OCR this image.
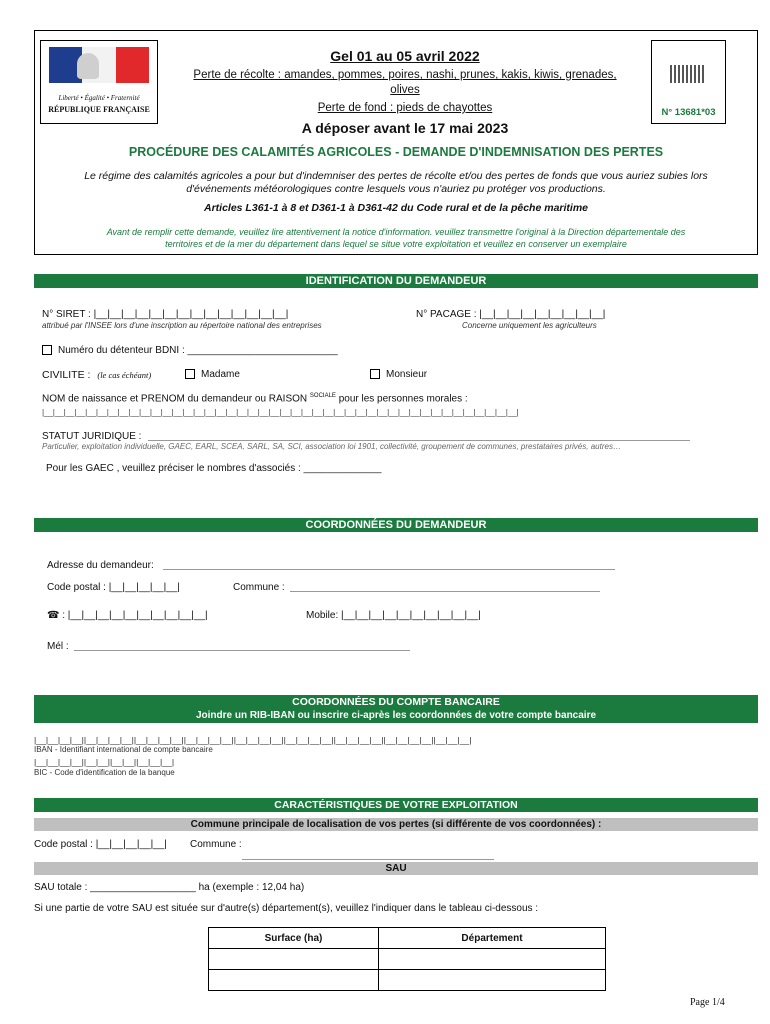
Liberté • Égalité • Fraternité
RÉPUBLIQUE FRANÇAISE
Gel 01 au 05 avril 2022
Perte de récolte : amandes, pommes, poires, nashi, prunes, kakis, kiwis, grenades,
olives
Perte de fond : pieds de chayottes
A déposer avant le 17 mai 2023
N° 13681*03
PROCÉDURE DES CALAMITÉS AGRICOLES - DEMANDE D'INDEMNISATION DES PERTES
Le régime des calamités agricoles a pour but d'indemniser des pertes de récolte et/ou des pertes de fonds que vous auriez subies lors
d'événements météorologiques contre lesquels vous n'auriez pu protéger vos productions.
Articles L361-1 à 8 et D361-1 à D361-42 du Code rural et de la pêche maritime
Avant de remplir cette demande, veuillez lire attentivement la notice d'information. veuillez transmettre l'original à la Direction départementale des
territoires et de la mer du département dans lequel se situe votre exploitation et veuillez en conserver un exemplaire
IDENTIFICATION DU DEMANDEUR
N° SIRET : |__|__|__|__|__|__|__|__|__|__|__|__|__|__|
attribué par l'INSEE lors d'une inscription au répertoire national des entreprises
N° PACAGE : |__|__|__|__|__|__|__|__|__|
Concerne uniquement les agriculteurs
Numéro du détenteur BDNI : ___________________________
CIVILITE : (le cas échéant)	Madame	Monsieur
NOM de naissance et PRENOM du demandeur ou RAISON $^{SOCIALE}$ pour les personnes morales :
|__|__|__|__|__|__|__|__|__|__|__|__|__|__|__|__|__|__|__|__|__|__|__|__|__|__|__|__|__|__|__|__|__|__|__|__|__|__|__|__|__|__|__|__|
STATUT JURIDIQUE :
Particulier, exploitation individuelle, GAEC, EARL, SCEA, SARL, SA, SCI, association loi 1901, collectivité, groupement de communes, prestataires privés, autres…
Pour les GAEC , veuillez préciser le nombres d'associés : ______________
COORDONNÉES DU DEMANDEUR
Adresse du demandeur:
Code postal : |__|__|__|__|__|	Commune :
☎ : |__|__|__|__|__|__|__|__|__|__|	Mobile: |__|__|__|__|__|__|__|__|__|__|
Mél :
COORDONNÉES DU COMPTE BANCAIRE
Joindre un RIB-IBAN ou inscrire ci-après les coordonnées de votre compte bancaire
|__|__|__|__||__|__|__|__||__|__|__|__||__|__|__|__||__|__|__|__||__|__|__|__||__|__|__|__||__|__|__|__||__|__|__|
IBAN - Identifiant international de compte bancaire
|__|__|__|__||__|__||__|__||__|__|__|
BIC - Code d'identification de la banque
CARACTÉRISTIQUES DE VOTRE EXPLOITATION
Commune principale de localisation de vos pertes (si différente de vos coordonnées) :
Code postal : |__|__|__|__|__| Commune :
SAU
SAU totale : ___________________ ha (exemple : 12,04 ha)
Si une partie de votre SAU est située sur d'autre(s) département(s), veuillez l'indiquer dans le tableau ci-dessous :
Surface (ha)	Département

Page 1/4
